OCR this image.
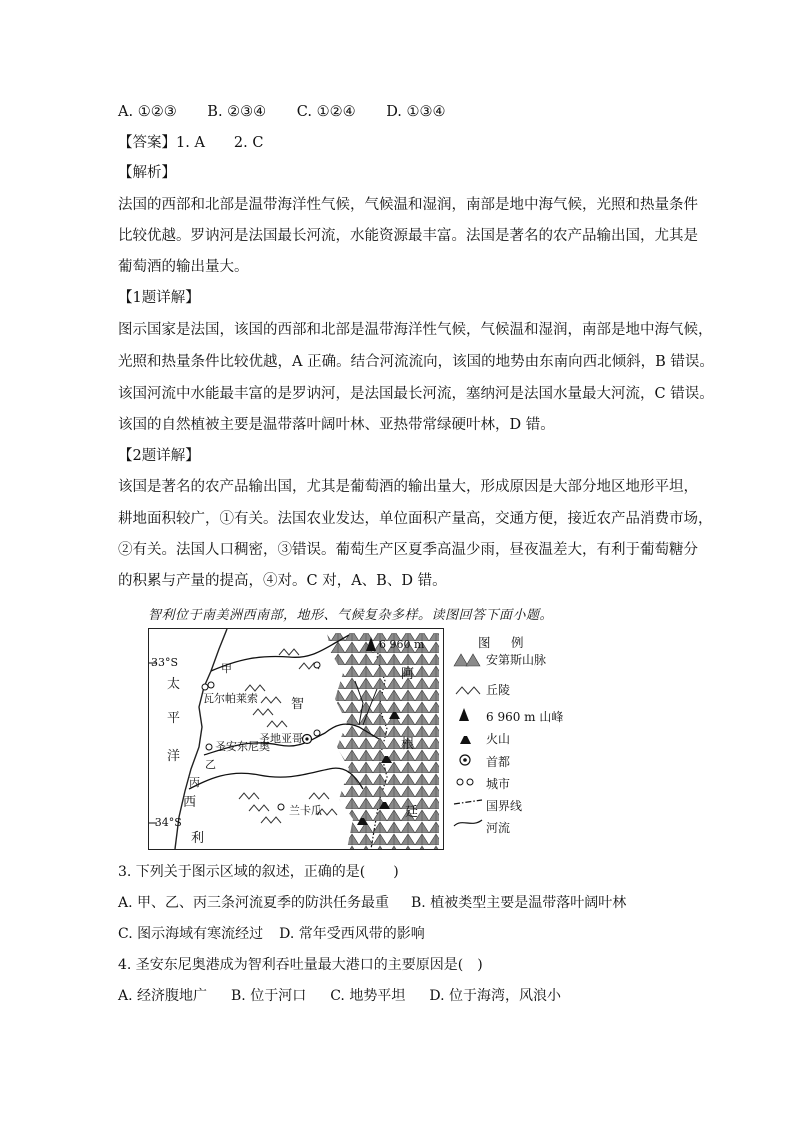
A. ①②③ B. ②③④ C. ①②④ D. ①③④
【答案】1. A　　2. C
【解析】
法国的西部和北部是温带海洋性气候，气候温和湿润，南部是地中海气候，光照和热量条件
比较优越。罗讷河是法国最长河流，水能资源最丰富。法国是著名的农产品输出国，尤其是
葡萄酒的输出量大。
【1题详解】
图示国家是法国，该国的西部和北部是温带海洋性气候，气候温和湿润，南部是地中海气候，
光照和热量条件比较优越，A 正确。结合河流流向，该国的地势由东南向西北倾斜，B 错误。
该国河流中水能最丰富的是罗讷河，是法国最长河流，塞纳河是法国水量最大河流，C 错误。
该国的自然植被主要是温带落叶阔叶林、亚热带常绿硬叶林，D 错。
【2题详解】
该国是著名的农产品输出国，尤其是葡萄酒的输出量大，形成原因是大部分地区地形平坦，
耕地面积较广，①有关。法国农业发达，单位面积产量高，交通方便，接近农产品消费市场，
②有关。法国人口稠密，③错误。葡萄生产区夏季高温少雨，昼夜温差大，有利于葡萄糖分
的积累与产量的提高，④对。C 对，A、B、D 错。
智利位于南美洲西南部，地形、气候复杂多样。读图回答下面小题。
33°S
-34°S
太
平
洋
西
利
智
阿
根
廷
甲
乙
丙
瓦尔帕莱索
圣地亚哥
圣安东尼奥
兰卡瓜
6 960 m	图　例
安第斯山脉
丘陵
6 960 m 山峰
火山
首都
城市
国界线
河流
3. 下列关于图示区域的叙述，正确的是(　　)
A. 甲、乙、丙三条河流夏季的防洪任务最重 B. 植被类型主要是温带落叶阔叶林
C. 图示海域有寒流经过 D. 常年受西风带的影响
4. 圣安东尼奥港成为智利吞吐量最大港口的主要原因是(　)
A. 经济腹地广 B. 位于河口 C. 地势平坦 D. 位于海湾，风浪小
